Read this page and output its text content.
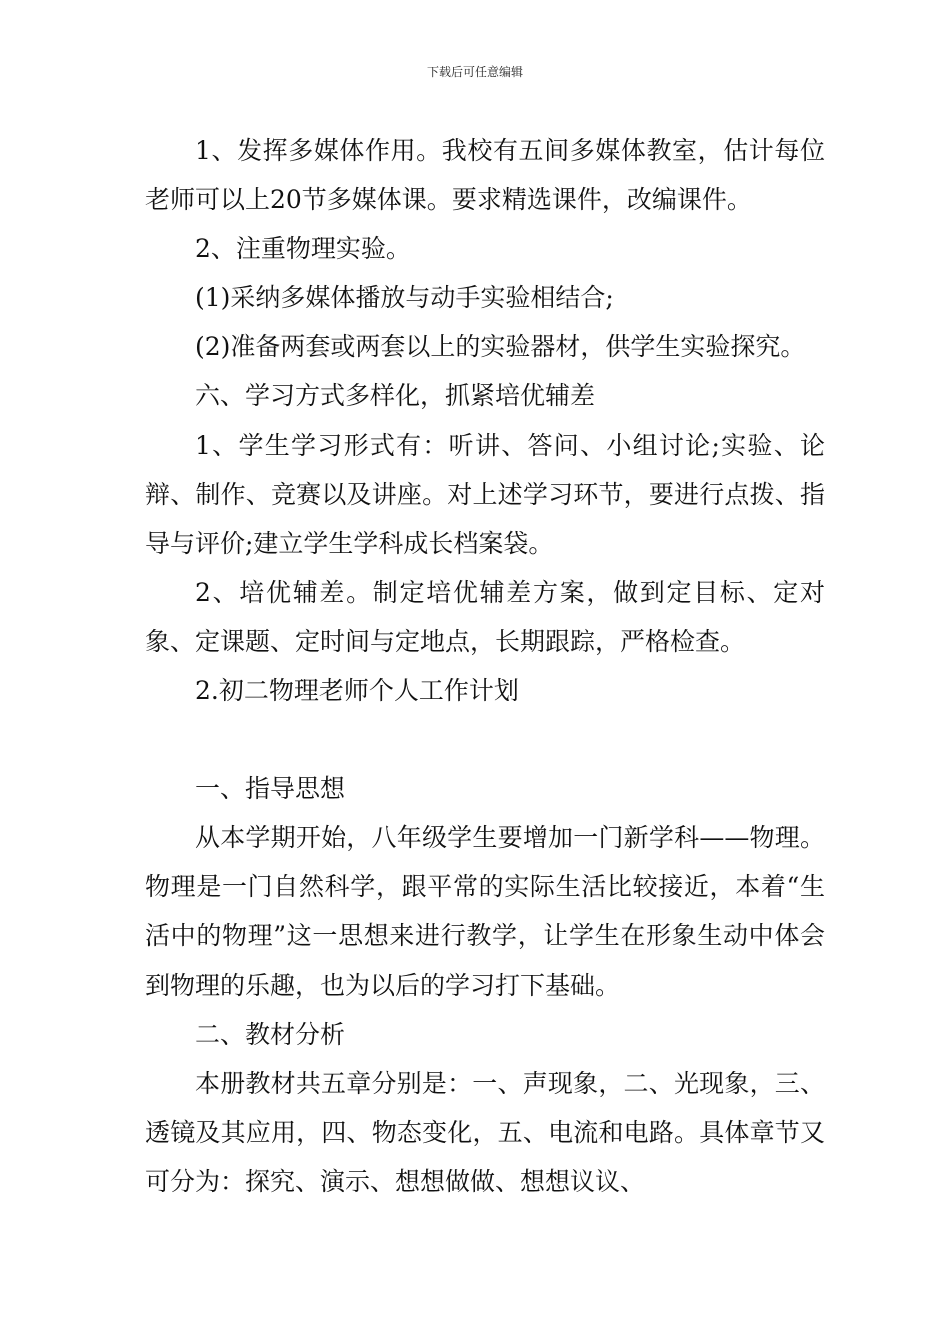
下载后可任意编辑

1、发挥多媒体作用。我校有五间多媒体教室，估计每位老师可以上20节多媒体课。要求精选课件，改编课件。

2、注重物理实验。

(1)采纳多媒体播放与动手实验相结合;

(2)准备两套或两套以上的实验器材，供学生实验探究。

六、学习方式多样化，抓紧培优辅差

1、学生学习形式有：听讲、答问、小组讨论;实验、论辩、制作、竞赛以及讲座。对上述学习环节，要进行点拨、指导与评价;建立学生学科成长档案袋。

2、培优辅差。制定培优辅差方案，做到定目标、定对象、定课题、定时间与定地点，长期跟踪，严格检查。

2.初二物理老师个人工作计划

一、指导思想

从本学期开始，八年级学生要增加一门新学科——物理。物理是一门自然科学，跟平常的实际生活比较接近，本着“生活中的物理”这一思想来进行教学，让学生在形象生动中体会到物理的乐趣，也为以后的学习打下基础。

二、教材分析

本册教材共五章分别是：一、声现象，二、光现象，三、透镜及其应用，四、物态变化，五、电流和电路。具体章节又可分为：探究、演示、想想做做、想想议议、
